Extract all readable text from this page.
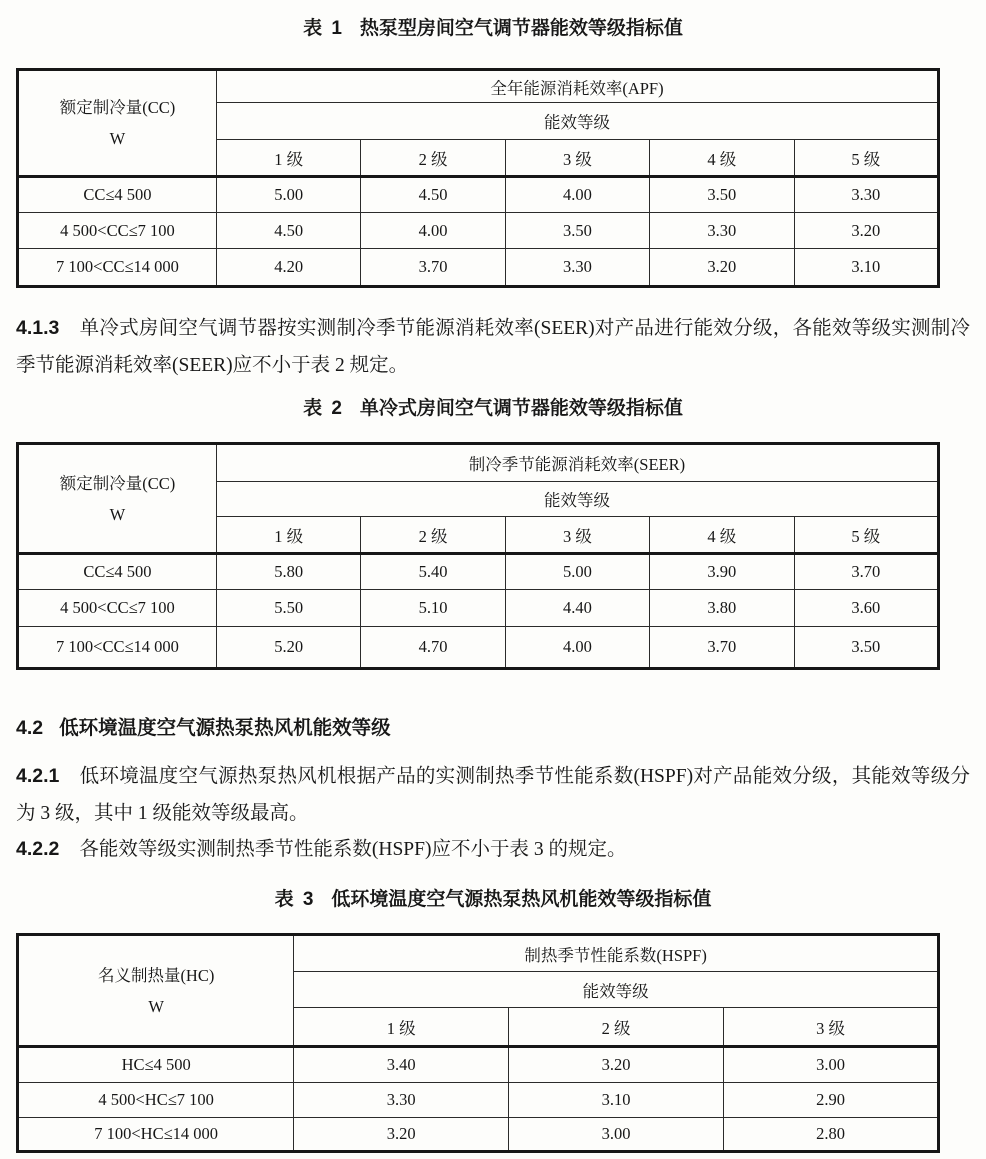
表 1 热泵型房间空气调节器能效等级指标值
额定制冷量(CC)
W	全年能源消耗效率(APF)				
	能效等级				
	1 级	2 级	3 级	4 级	5 级
CC≤4 500	5.00	4.50	4.00	3.50	3.30
4 500<CC≤7 100	4.50	4.00	3.50	3.30	3.20
7 100<CC≤14 000	4.20	3.70	3.30	3.20	3.10

4.1.3 单冷式房间空气调节器按实测制冷季节能源消耗效率(SEER)对产品进行能效分级，各能效等级实测制冷季节能源消耗效率(SEER)应不小于表 2 规定。

表 2 单冷式房间空气调节器能效等级指标值
额定制冷量(CC)
W	制冷季节能源消耗效率(SEER)				
	能效等级				
	1 级	2 级	3 级	4 级	5 级
CC≤4 500	5.80	5.40	5.00	3.90	3.70
4 500<CC≤7 100	5.50	5.10	4.40	3.80	3.60
7 100<CC≤14 000	5.20	4.70	4.00	3.70	3.50

4.2 低环境温度空气源热泵热风机能效等级

4.2.1 低环境温度空气源热泵热风机根据产品的实测制热季节性能系数(HSPF)对产品能效分级，其能效等级分为 3 级，其中 1 级能效等级最高。

4.2.2 各能效等级实测制热季节性能系数(HSPF)应不小于表 3 的规定。

表 3 低环境温度空气源热泵热风机能效等级指标值
名义制热量(HC)
W	制热季节性能系数(HSPF)		
	能效等级		
	1 级	2 级	3 级
HC≤4 500	3.40	3.20	3.00
4 500<HC≤7 100	3.30	3.10	2.90
7 100<HC≤14 000	3.20	3.00	2.80
